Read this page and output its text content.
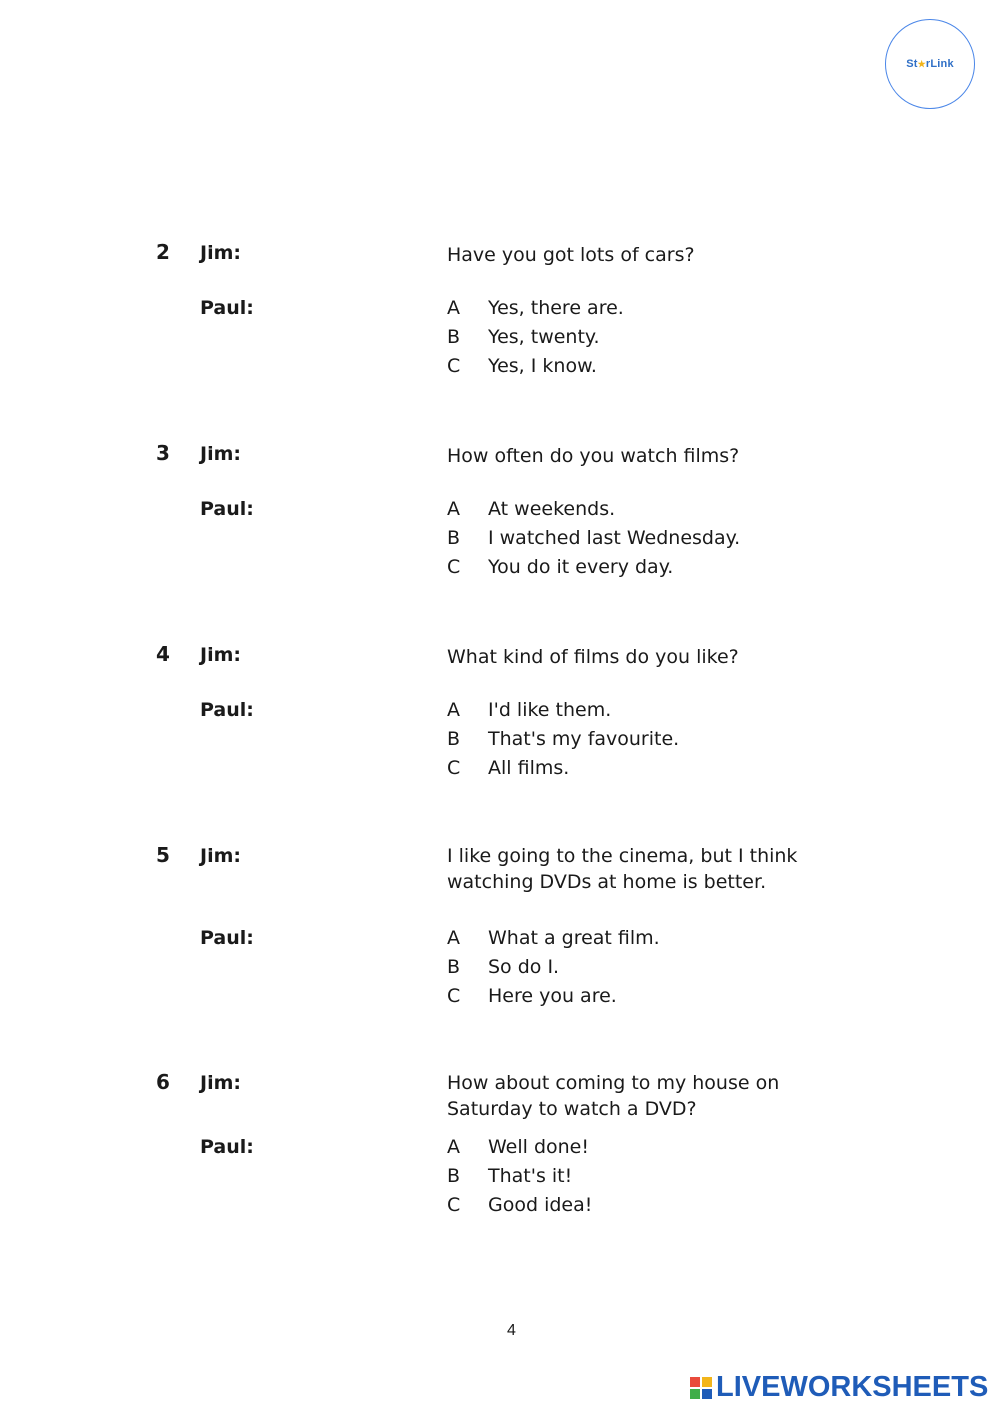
St ★ rLink
2 Jim:	Have you got lots of cars?
Paul:	A Yes, there are.
B Yes, twenty.
C Yes, I know.
3 Jim:	How often do you watch films?
Paul:	A At weekends.
B I watched last Wednesday.
C You do it every day.
4 Jim:	What kind of films do you like?
Paul:	A I'd like them.
B That's my favourite.
C All films.
5 Jim:	I like going to the cinema, but I think watching DVDs at home is better.
Paul:	A What a great film.
B So do I.
C Here you are.
6 Jim:	How about coming to my house on Saturday to watch a DVD?
Paul:	A Well done!
B That's it!
C Good idea!
4
LIVEWORKSHEETS
